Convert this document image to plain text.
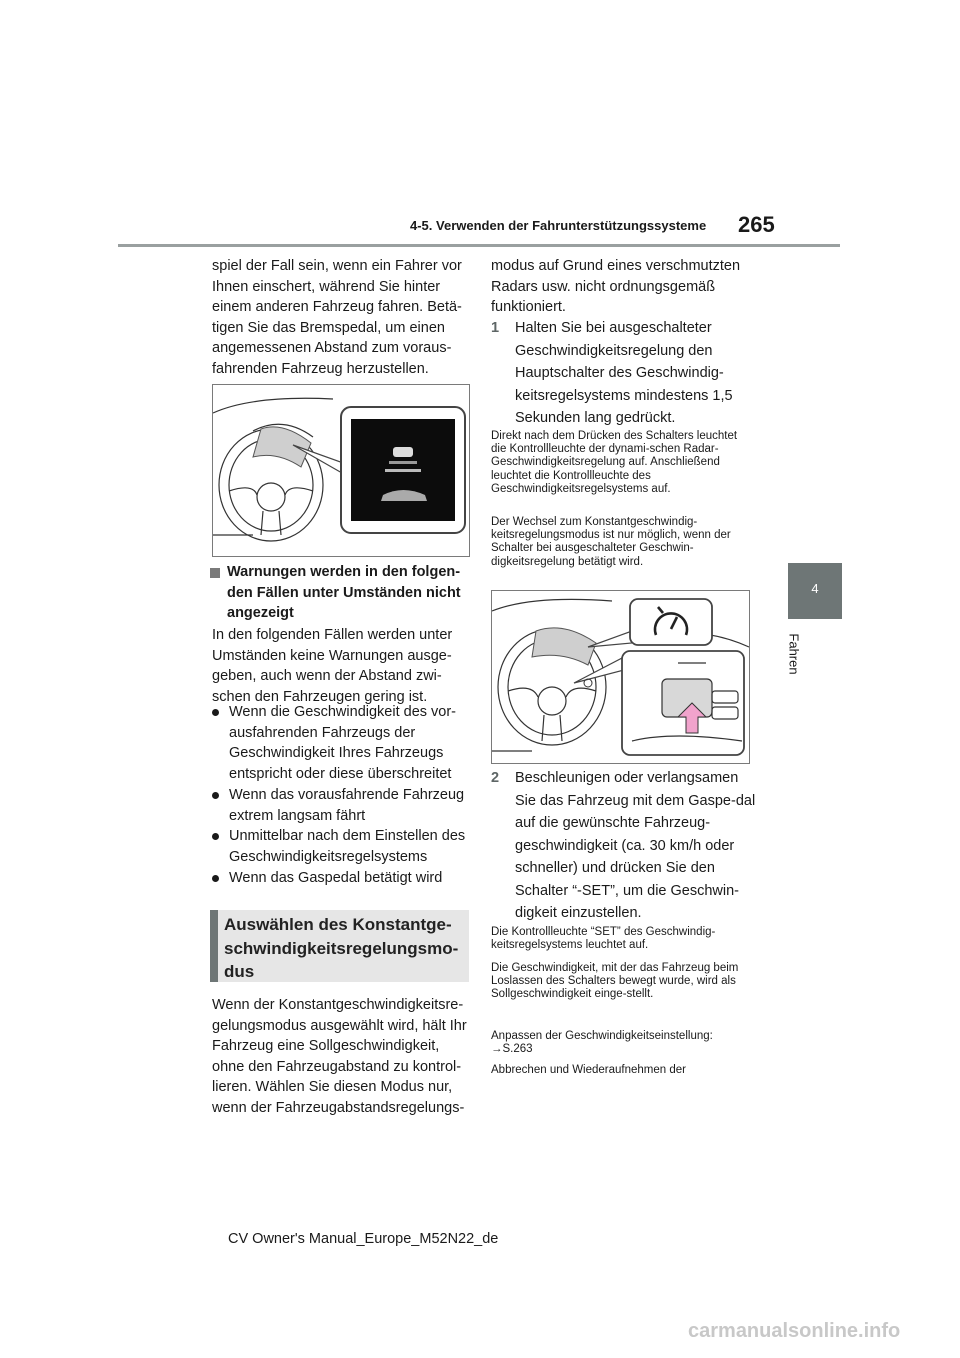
4-5. Verwenden der Fahrunterstützungssysteme 265
4
Fahren

spiel der Fall sein, wenn ein Fahrer vor Ihnen einschert, während Sie hinter einem anderen Fahrzeug fahren. Betä-tigen Sie das Bremspedal, um einen angemessenen Abstand zum voraus-fahrenden Fahrzeug herzustellen.

Warnungen werden in den folgen-den Fällen unter Umständen nicht angezeigt

In den folgenden Fällen werden unter Umständen keine Warnungen ausge-geben, auch wenn der Abstand zwi-schen den Fahrzeugen gering ist.

Wenn die Geschwindigkeit des vor-ausfahrenden Fahrzeugs der Geschwindigkeit Ihres Fahrzeugs entspricht oder diese überschreitet
Wenn das vorausfahrende Fahrzeug extrem langsam fährt
Unmittelbar nach dem Einstellen des Geschwindigkeitsregelsystems
Wenn das Gaspedal betätigt wird
Auswählen des Konstantge-schwindigkeitsregelungsmo-dus

Wenn der Konstantgeschwindigkeitsre-gelungsmodus ausgewählt wird, hält Ihr Fahrzeug eine Sollgeschwindigkeit, ohne den Fahrzeugabstand zu kontrol-lieren. Wählen Sie diesen Modus nur, wenn der Fahrzeugabstandsregelungs-

modus auf Grund eines verschmutzten Radars usw. nicht ordnungsgemäß funktioniert.

1 Halten Sie bei ausgeschalteter Geschwindigkeitsregelung den Hauptschalter des Geschwindig-keitsregelsystems mindestens 1,5 Sekunden lang gedrückt.
Direkt nach dem Drücken des Schalters leuchtet die Kontrollleuchte der dynami-schen Radar-Geschwindigkeitsregelung auf. Anschließend leuchtet die Kontrollleuchte des Geschwindigkeitsregelsystems auf.
Der Wechsel zum Konstantgeschwindig-keitsregelungsmodus ist nur möglich, wenn der Schalter bei ausgeschalteter Geschwin-digkeitsregelung betätigt wird.
2 Beschleunigen oder verlangsamen Sie das Fahrzeug mit dem Gaspe-dal auf die gewünschte Fahrzeug-geschwindigkeit (ca. 30 km/h oder schneller) und drücken Sie den Schalter “-SET”, um die Geschwin-digkeit einzustellen.
Die Kontrollleuchte “SET” des Geschwindig-keitsregelsystems leuchtet auf.
Die Geschwindigkeit, mit der das Fahrzeug beim Loslassen des Schalters bewegt wurde, wird als Sollgeschwindigkeit einge-stellt.
Anpassen der Geschwindigkeitseinstellung: →S.263
Abbrechen und Wiederaufnehmen der
CV Owner's Manual_Europe_M52N22_de
carmanualsonline.info
